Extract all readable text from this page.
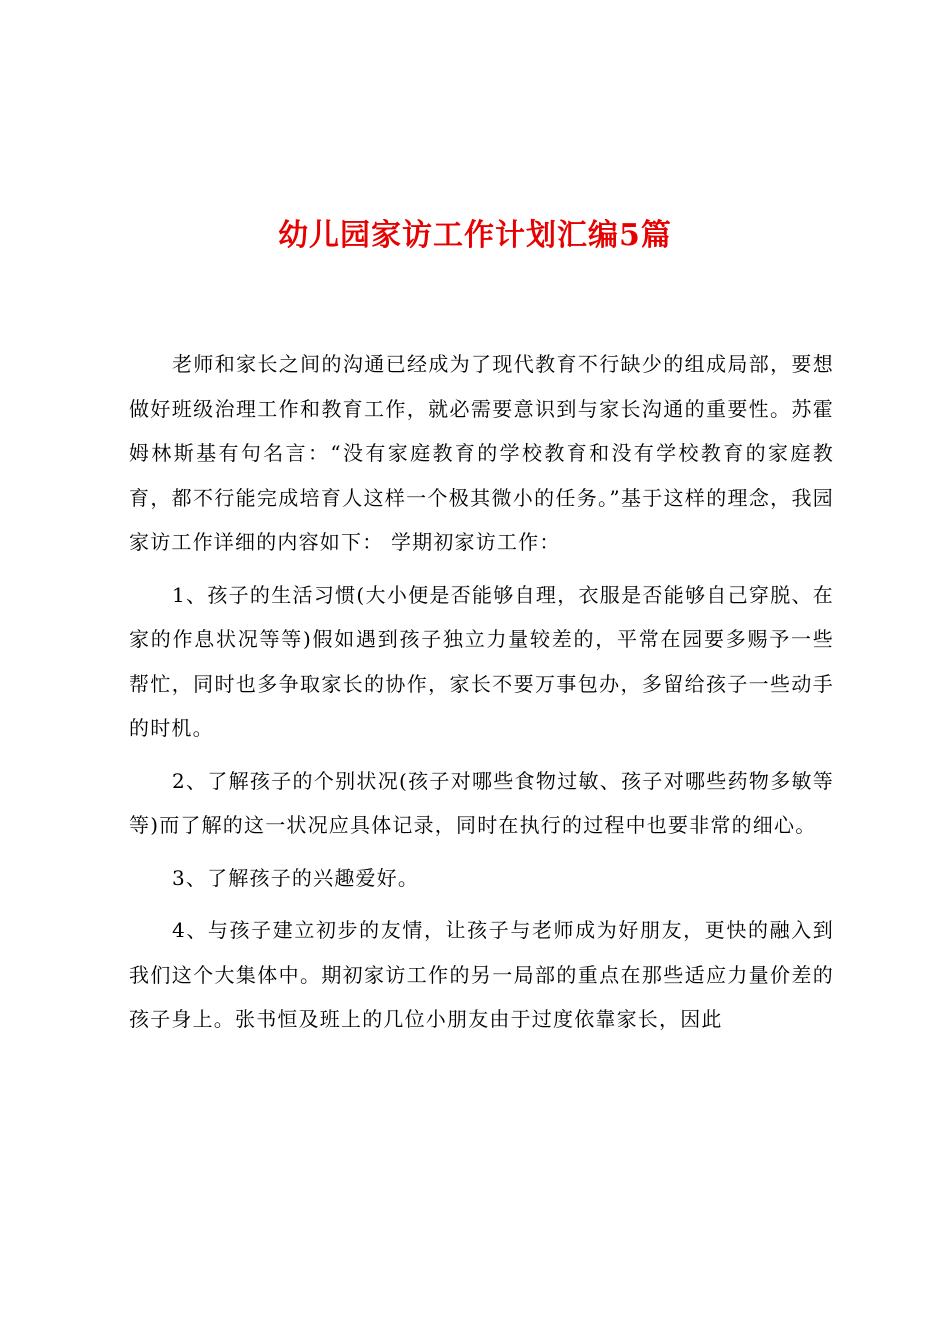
幼儿园家访工作计划汇编5篇

老师和家长之间的沟通已经成为了现代教育不行缺少的组成局部，要想做好班级治理工作和教育工作，就必需要意识到与家长沟通的重要性。苏霍姆林斯基有句名言：“没有家庭教育的学校教育和没有学校教育的家庭教育，都不行能完成培育人这样一个极其微小的任务。”基于这样的理念，我园家访工作详细的内容如下： 学期初家访工作：

1、孩子的生活习惯(大小便是否能够自理，衣服是否能够自己穿脱、在家的作息状况等等)假如遇到孩子独立力量较差的，平常在园要多赐予一些帮忙，同时也多争取家长的协作，家长不要万事包办，多留给孩子一些动手的时机。

2、了解孩子的个别状况(孩子对哪些食物过敏、孩子对哪些药物多敏等等)而了解的这一状况应具体记录，同时在执行的过程中也要非常的细心。

3、了解孩子的兴趣爱好。

4、与孩子建立初步的友情，让孩子与老师成为好朋友，更快的融入到我们这个大集体中。期初家访工作的另一局部的重点在那些适应力量价差的孩子身上。张书恒及班上的几位小朋友由于过度依靠家长，因此
